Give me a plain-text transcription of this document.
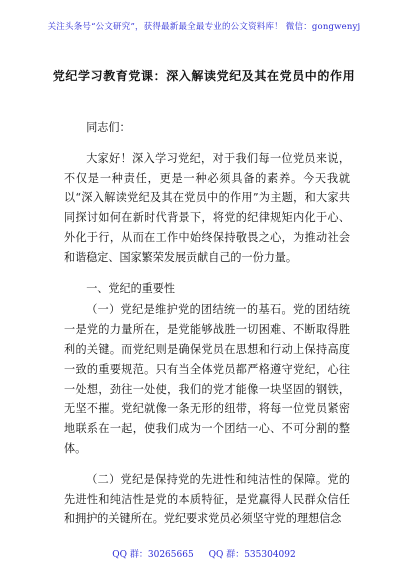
关注头条号“公文研究”，获得最新最全最专业的公文资料库！ 微信：gongwenyj
党纪学习教育党课：深入解读党纪及其在党员中的作用

同志们：

大家好！深入学习党纪，对于我们每一位党员来说，不仅是一种责任，更是一种必须具备的素养。今天我就以“深入解读党纪及其在党员中的作用”为主题，和大家共同探讨如何在新时代背景下，将党的纪律规矩内化于心、外化于行，从而在工作中始终保持敬畏之心，为推动社会和谐稳定、国家繁荣发展贡献自己的一份力量。

一、党纪的重要性

（一）党纪是维护党的团结统一的基石。党的团结统一是党的力量所在，是党能够战胜一切困难、不断取得胜利的关键。而党纪则是确保党员在思想和行动上保持高度一致的重要规范。只有当全体党员都严格遵守党纪，心往一处想，劲往一处使，我们的党才能像一块坚固的钢铁，无坚不摧。党纪就像一条无形的纽带，将每一位党员紧密地联系在一起，使我们成为一个团结一心、不可分割的整体。

（二）党纪是保持党的先进性和纯洁性的保障。党的先进性和纯洁性是党的本质特征，是党赢得人民群众信任和拥护的关键所在。党纪要求党员必须坚守党的理想信念

QQ 群：30265665 QQ 群：535304092
